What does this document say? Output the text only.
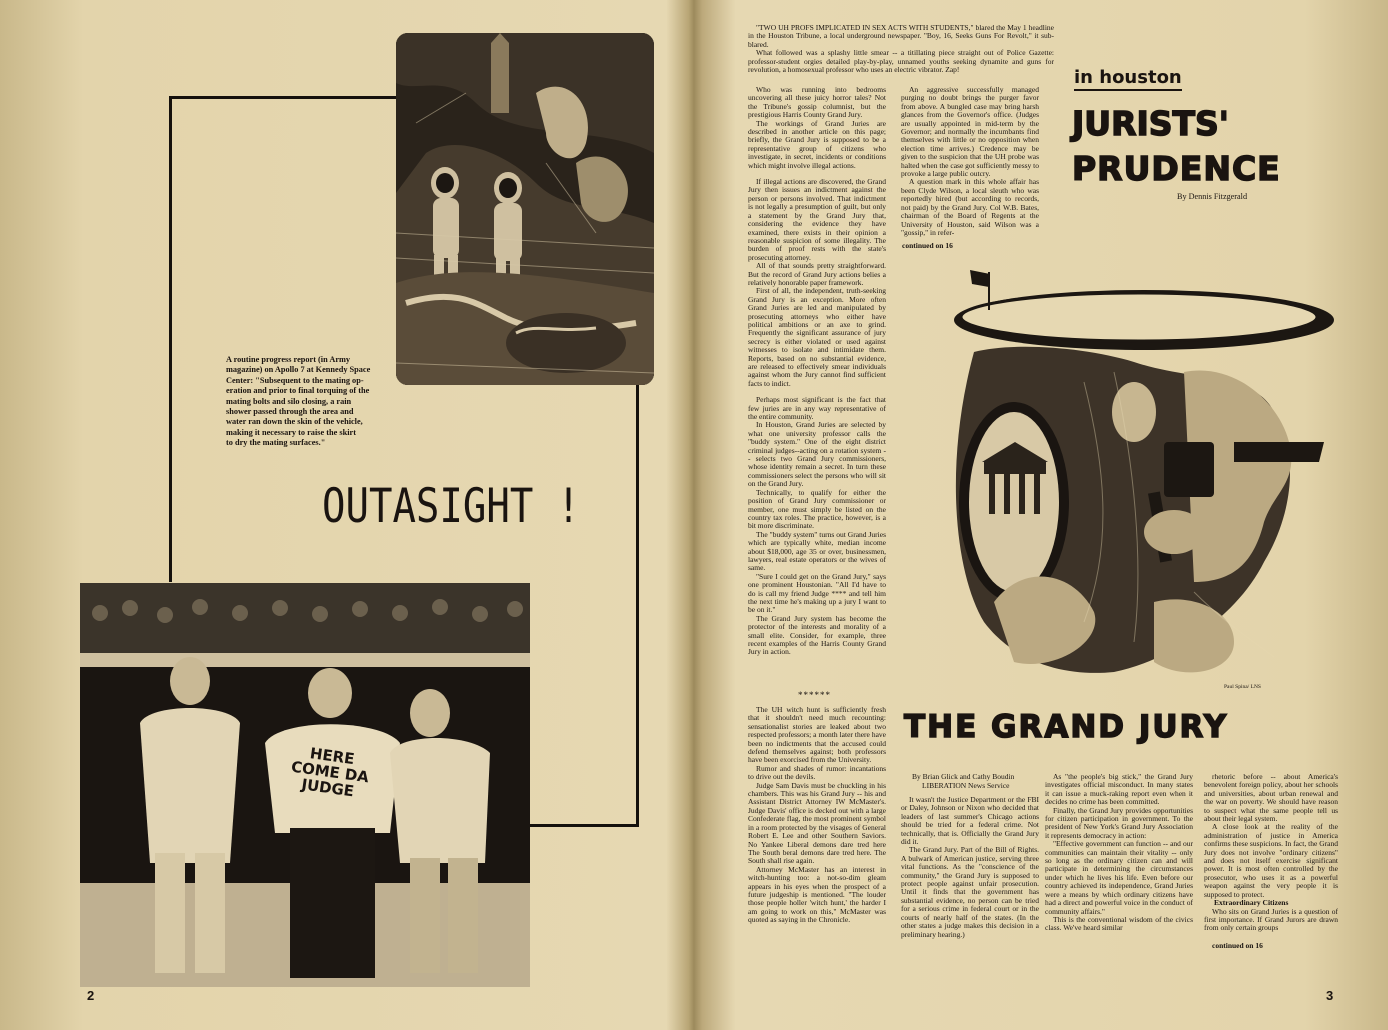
A routine progress report (in Army
magazine) on Apollo 7 at Kennedy Space
Center: "Subsequent to the mating op-
eration and prior to final torquing of the
mating bolts and silo closing, a rain
shower passed through the area and
water ran down the skin of the vehicle,
making it necessary to raise the skirt
to dry the mating surfaces."
OUTASIGHT !
HERE COME DA JUDGE
2

"TWO UH PROFS IMPLICATED IN SEX ACTS WITH STUDENTS," blared the May 1 headline in the Houston Tribune, a local underground newspaper. "Boy, 16, Seeks Guns For Revolt," it sub-blared.

What followed was a splashy little smear -- a titillating piece straight out of Police Gazette: professor-student orgies detailed play-by-play, unnamed youths seeking dynamite and guns for revolution, a homosexual professor who uses an electric vibrator. Zap!

Who was running into bedrooms uncovering all these juicy horror tales? Not the Tribune's gossip columnist, but the prestigious Harris County Grand Jury.

The workings of Grand Juries are described in another article on this page; briefly, the Grand Jury is supposed to be a representative group of citizens who investigate, in secret, incidents or conditions which might involve illegal actions.

If illegal actions are discovered, the Grand Jury then issues an indictment against the person or persons involved. That indictment is not legally a presumption of guilt, but only a statement by the Grand Jury that, considering the evidence they have examined, there exists in their opinion a reasonable suspicion of some illegality. The burden of proof rests with the state's prosecuting attorney.

All of that sounds pretty straightforward. But the record of Grand Jury actions belies a relatively honorable paper framework.

First of all, the independent, truth-seeking Grand Jury is an exception. More often Grand Juries are led and manipulated by prosecuting attorneys who either have political ambitions or an axe to grind. Frequently the significant assurance of jury secrecy is either violated or used against witnesses to isolate and intimidate them. Reports, based on no substantial evidence, are released to effectively smear individuals against whom the Jury cannot find sufficient facts to indict.

Perhaps most significant is the fact that few juries are in any way representative of the entire community.

In Houston, Grand Juries are selected by what one university professor calls the "buddy system." One of the eight district criminal judges--acting on a rotation system -- selects two Grand Jury commissioners, whose identity remain a secret. In turn these commissioners select the persons who will sit on the Grand Jury.

Technically, to qualify for either the position of Grand Jury commissioner or member, one must simply be listed on the country tax roles. The practice, however, is a bit more discriminate.

The "buddy system" turns out Grand Juries which are typically white, median income about $18,000, age 35 or over, businessmen, lawyers, real estate operators or the wives of same.

"Sure I could get on the Grand Jury," says one prominent Houstonian. "All I'd have to do is call my friend Judge **** and tell him the next time he's making up a jury I want to be on it."

The Grand Jury system has become the protector of the interests and morality of a small elite. Consider, for example, three recent examples of the Harris County Grand Jury in action.

******

The UH witch hunt is sufficiently fresh that it shouldn't need much recounting: sensationalist stories are leaked about two respected professors; a month later there have been no indictments that the accused could defend themselves against; both professors have been exorcised from the University.

Rumor and shades of rumor: incantations to drive out the devils.

Judge Sam Davis must be chuckling in his chambers. This was his Grand Jury -- his and Assistant District Attorney IW McMaster's. Judge Davis' office is decked out with a large Confederate flag, the most prominent symbol in a room protected by the visages of General Robert E. Lee and other Southern Saviors. No Yankee Liberal demons dare tred here The South beral demons dare tred here. The South shall rise again.

Attorney McMaster has an interest in witch-hunting too: a not-so-dim gleam appears in his eyes when the prospect of a future judgeship is mentioned. "The louder those people holler 'witch hunt,' the harder I am going to work on this," McMaster was quoted as saying in the Chronicle.

An aggressive successfully managed purging no doubt brings the purger favor from above. A bungled case may bring harsh glances from the Governor's office. (Judges are usually appointed in mid-term by the Governor; and normally the incumbants find themselves with little or no opposition when election time arrives.) Credence may be given to the suspicion that the UH probe was halted when the case got sufficiently messy to provoke a large public outcry.

A question mark in this whole affair has been Clyde Wilson, a local sleuth who was reportedly hired (but according to records, not paid) by the Grand Jury. Col W.B. Bates, chairman of the Board of Regents at the University of Houston, said Wilson was a "gossip," in refer-

continued on 16
in houston
JURISTS'
PRUDENCE
By Dennis Fitzgerald
Paul Spina/ LNS
THE GRAND JURY
By Brian Glick and Cathy Boudin
LIBERATION News Service

It wasn't the Justice Department or the FBI or Daley, Johnson or Nixon who decided that leaders of last summer's Chicago actions should be tried for a federal crime. Not technically, that is. Officially the Grand Jury did it.

The Grand Jury. Part of the Bill of Rights. A bulwark of American justice, serving three vital functions. As the "conscience of the community," the Grand Jury is supposed to protect people against unfair prosecution. Until it finds that the government has substantial evidence, no person can be tried for a serious crime in federal court or in the courts of nearly half of the states. (In the other states a judge makes this decision in a preliminary hearing.)

As "the people's big stick," the Grand Jury investigates official misconduct. In many states it can issue a muck-raking report even when it decides no crime has been committed.

Finally, the Grand Jury provides opportunities for citizen participation in government. To the president of New York's Grand Jury Association it represents democracy in action:

"Effective government can function -- and our communities can maintain their vitality -- only so long as the ordinary citizen can and will participate in determining the circumstances under which he lives his life. Even before our country achieved its independence, Grand Juries were a means by which ordinary citizens have had a direct and powerful voice in the conduct of community affairs."

This is the conventional wisdom of the civics class. We've heard similar

rhetoric before -- about America's benevolent foreign policy, about her schools and universities, about urban renewal and the war on poverty. We should have reason to suspect what the same people tell us about their legal system.

A close look at the reality of the administration of justice in America confirms these suspicions. In fact, the Grand Jury does not involve "ordinary citizens" and does not itself exercise significant power. It is most often controlled by the prosecutor, who uses it as a powerful weapon against the very people it is supposed to protect.

Extraordinary Citizens

Who sits on Grand Juries is a question of first importance. If Grand Jurors are drawn from only certain groups

continued on 16
3
